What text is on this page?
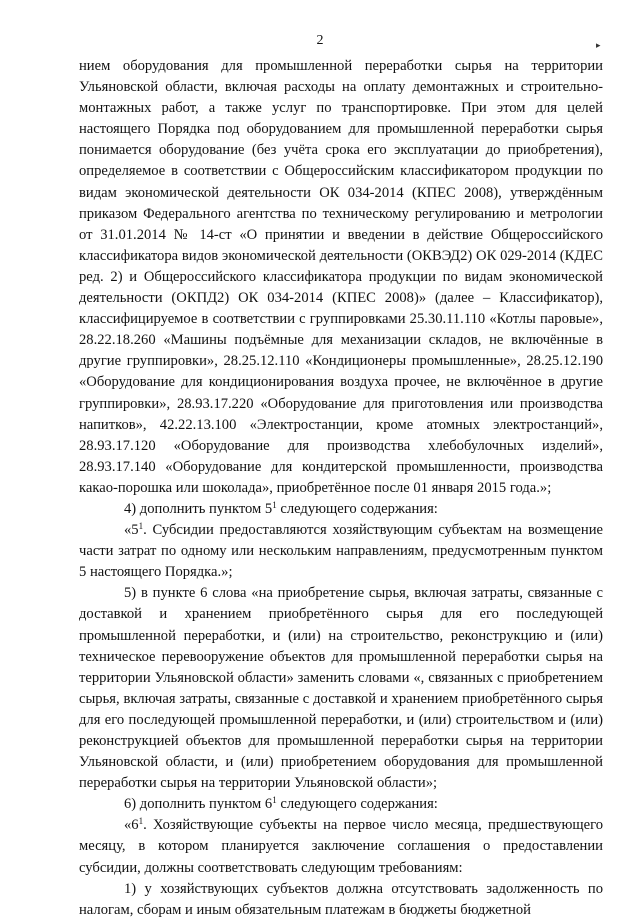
2	▸

нием оборудования для промышленной переработки сырья на территории Ульяновской области, включая расходы на оплату демонтажных и строительно-монтажных работ, а также услуг по транспортировке. При этом для целей настоящего Порядка под оборудованием для промышленной переработки сырья понимается оборудование (без учёта срока его эксплуатации до приобретения), определяемое в соответствии с Общероссийским классификатором продукции по видам экономической деятельности ОК 034-2014 (КПЕС 2008), утверждённым приказом Федерального агентства по техническому регулированию и метрологии от 31.01.2014 № 14-ст «О принятии и введении в действие Общероссийского классификатора видов экономической деятельности (ОКВЭД2) ОК 029-2014 (КДЕС ред. 2) и Общероссийского классификатора продукции по видам экономической деятельности (ОКПД2) ОК 034-2014 (КПЕС 2008)» (далее – Классификатор), классифицируемое в соответствии с группировками 25.30.11.110 «Котлы паровые», 28.22.18.260 «Машины подъёмные для механизации складов, не включённые в другие группировки», 28.25.12.110 «Кондиционеры промышленные», 28.25.12.190 «Оборудование для кондиционирования воздуха прочее, не включённое в другие группировки», 28.93.17.220 «Оборудование для приготовления или производства напитков», 42.22.13.100 «Электростанции, кроме атомных электростанций», 28.93.17.120 «Оборудование для производства хлебобулочных изделий», 28.93.17.140 «Оборудование для кондитерской промышленности, производства какао-порошка или шоколада», приобретённое после 01 января 2015 года.»;

4) дополнить пунктом $5^1$ следующего содержания:

«$5^1$. Субсидии предоставляются хозяйствующим субъектам на возмещение части затрат по одному или нескольким направлениям, предусмотренным пунктом 5 настоящего Порядка.»;

5) в пункте 6 слова «на приобретение сырья, включая затраты, связанные с доставкой и хранением приобретённого сырья для его последующей промышленной переработки, и (или) на строительство, реконструкцию и (или) техническое перевооружение объектов для промышленной переработки сырья на территории Ульяновской области» заменить словами «, связанных с приобретением сырья, включая затраты, связанные с доставкой и хранением приобретённого сырья для его последующей промышленной переработки, и (или) строительством и (или) реконструкцией объектов для промышленной переработки сырья на территории Ульяновской области, и (или) приобретением оборудования для промышленной переработки сырья на территории Ульяновской области»;

6) дополнить пунктом $6^1$ следующего содержания:

«$6^1$. Хозяйствующие субъекты на первое число месяца, предшествующего месяцу, в котором планируется заключение соглашения о предоставлении субсидии, должны соответствовать следующим требованиям:

1) у хозяйствующих субъектов должна отсутствовать задолженность по налогам, сборам и иным обязательным платежам в бюджеты бюджетной
